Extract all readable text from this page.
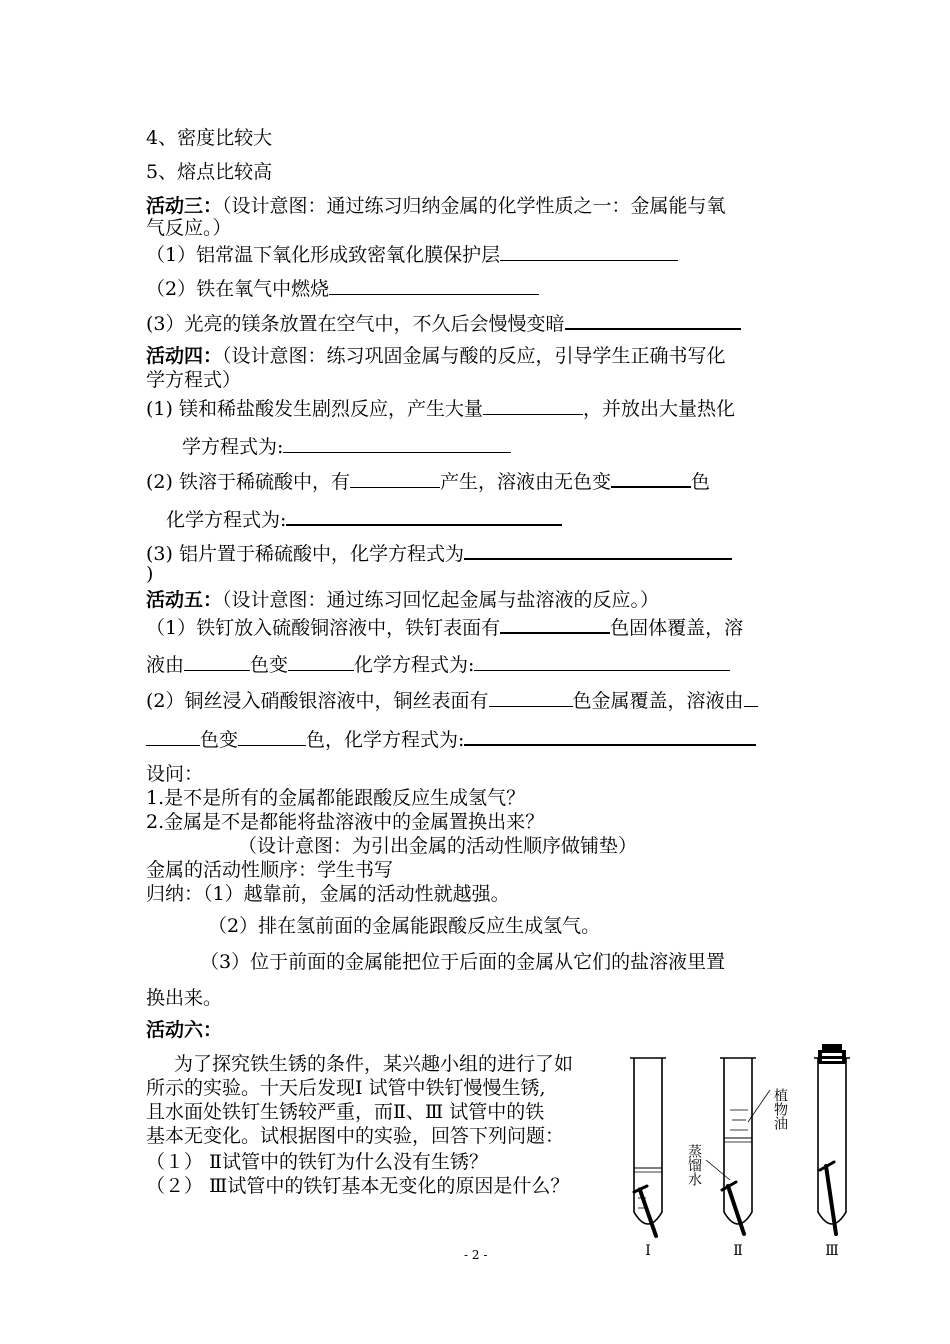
4、密度比较大
5、熔点比较高
活动三：（设计意图：通过练习归纳金属的化学性质之一：金属能与氧
气反应。）
（1）铝常温下氧化形成致密氧化膜保护层
（2）铁在氧气中燃烧
(3）光亮的镁条放置在空气中，不久后会慢慢变暗
活动四：（设计意图：练习巩固金属与酸的反应，引导学生正确书写化
学方程式）
(1) 镁和稀盐酸发生剧烈反应，产生大量	，并放出大量热化
学方程式为:
(2) 铁溶于稀硫酸中，有	产生，溶液由无色变	色
化学方程式为:
(3) 铝片置于稀硫酸中，化学方程式为
)
活动五：（设计意图：通过练习回忆起金属与盐溶液的反应。）
（1）铁钉放入硫酸铜溶液中，铁钉表面有	色固体覆盖，溶
液由	色变	化学方程式为:
(2）铜丝浸入硝酸银溶液中，铜丝表面有	色金属覆盖，溶液由
色变	色，化学方程式为:
设问：
1.是不是所有的金属都能跟酸反应生成氢气？
2.金属是不是都能将盐溶液中的金属置换出来？
（设计意图：为引出金属的活动性顺序做铺垫）
金属的活动性顺序：学生书写
归纳：（1）越靠前，金属的活动性就越强。
（2）排在氢前面的金属能跟酸反应生成氢气。
（3）位于前面的金属能把位于后面的金属从它们的盐溶液里置
换出来。
活动六：
为了探究铁生锈的条件，某兴趣小组的进行了如
所示的实验。十天后发现Ⅰ 试管中铁钉慢慢生锈,
且水面处铁钉生锈较严重，而Ⅱ、Ⅲ 试管中的铁
基本无变化。试根据图中的实验，回答下列问题：
（１） Ⅱ试管中的铁钉为什么没有生锈？
（２） Ⅲ试管中的铁钉基本无变化的原因是什么？
植物油
蒸馏水
Ⅰ	Ⅱ	Ⅲ
- 2 -
